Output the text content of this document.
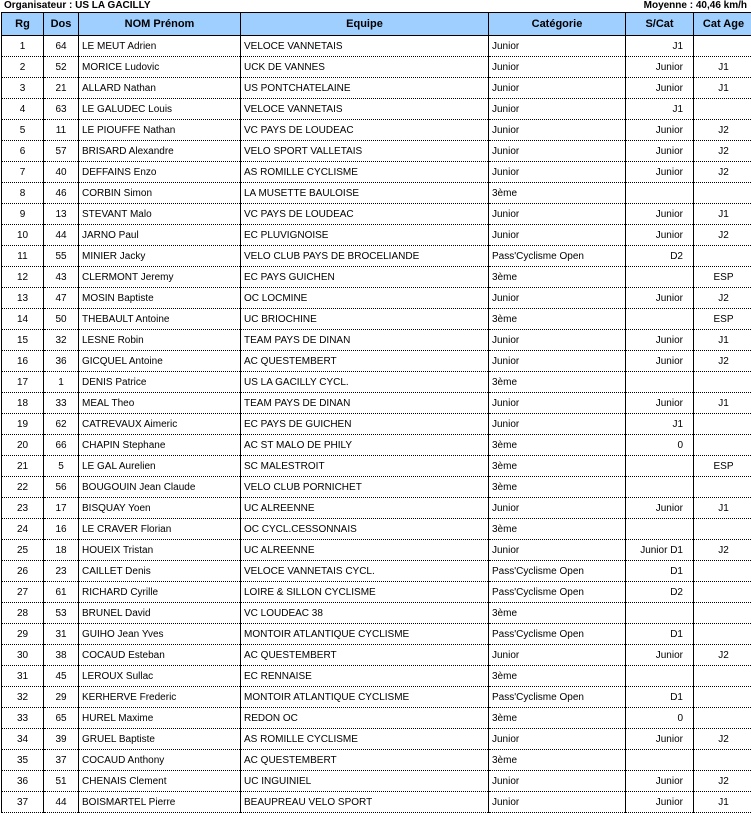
Organisateur : US LA GACILLY	Moyenne : 40,46 km/h
Rg	Dos	NOM Prénom	Equipe	Catégorie	S/Cat	Cat Age
1	64	LE MEUT Adrien	VELOCE VANNETAIS	Junior	J1	
2	52	MORICE Ludovic	UCK DE VANNES	Junior	Junior	J1
3	21	ALLARD Nathan	US PONTCHATELAINE	Junior	Junior	J1
4	63	LE GALUDEC Louis	VELOCE VANNETAIS	Junior	J1	
5	11	LE PIOUFFE Nathan	VC PAYS DE LOUDEAC	Junior	Junior	J2
6	57	BRISARD Alexandre	VELO SPORT VALLETAIS	Junior	Junior	J2
7	40	DEFFAINS Enzo	AS ROMILLE CYCLISME	Junior	Junior	J2
8	46	CORBIN Simon	LA MUSETTE BAULOISE	3ème		
9	13	STEVANT Malo	VC PAYS DE LOUDEAC	Junior	Junior	J1
10	44	JARNO Paul	EC PLUVIGNOISE	Junior	Junior	J2
11	55	MINIER Jacky	VELO CLUB PAYS DE BROCELIANDE	Pass'Cyclisme Open	D2	
12	43	CLERMONT Jeremy	EC PAYS GUICHEN	3ème		ESP
13	47	MOSIN Baptiste	OC LOCMINE	Junior	Junior	J2
14	50	THEBAULT Antoine	UC BRIOCHINE	3ème		ESP
15	32	LESNE Robin	TEAM PAYS DE DINAN	Junior	Junior	J1
16	36	GICQUEL Antoine	AC QUESTEMBERT	Junior	Junior	J2
17	1	DENIS Patrice	US LA GACILLY CYCL.	3ème		
18	33	MEAL Theo	TEAM PAYS DE DINAN	Junior	Junior	J1
19	62	CATREVAUX Aimeric	EC PAYS DE GUICHEN	Junior	J1	
20	66	CHAPIN Stephane	AC ST MALO DE PHILY	3ème	0	
21	5	LE GAL Aurelien	SC MALESTROIT	3ème		ESP
22	56	BOUGOUIN Jean Claude	VELO CLUB PORNICHET	3ème		
23	17	BISQUAY Yoen	UC ALREENNE	Junior	Junior	J1
24	16	LE CRAVER Florian	OC CYCL.CESSONNAIS	3ème		
25	18	HOUEIX Tristan	UC ALREENNE	Junior	Junior D1	J2
26	23	CAILLET Denis	VELOCE VANNETAIS CYCL.	Pass'Cyclisme Open	D1	
27	61	RICHARD Cyrille	LOIRE & SILLON CYCLISME	Pass'Cyclisme Open	D2	
28	53	BRUNEL David	VC LOUDEAC 38	3ème		
29	31	GUIHO Jean Yves	MONTOIR ATLANTIQUE CYCLISME	Pass'Cyclisme Open	D1	
30	38	COCAUD Esteban	AC QUESTEMBERT	Junior	Junior	J2
31	45	LEROUX Sullac	EC RENNAISE	3ème		
32	29	KERHERVE Frederic	MONTOIR ATLANTIQUE CYCLISME	Pass'Cyclisme Open	D1	
33	65	HUREL Maxime	REDON OC	3ème	0	
34	39	GRUEL Baptiste	AS ROMILLE CYCLISME	Junior	Junior	J2
35	37	COCAUD Anthony	AC QUESTEMBERT	3ème		
36	51	CHENAIS Clement	UC INGUINIEL	Junior	Junior	J2
37	44	BOISMARTEL Pierre	BEAUPREAU VELO SPORT	Junior	Junior	J1
